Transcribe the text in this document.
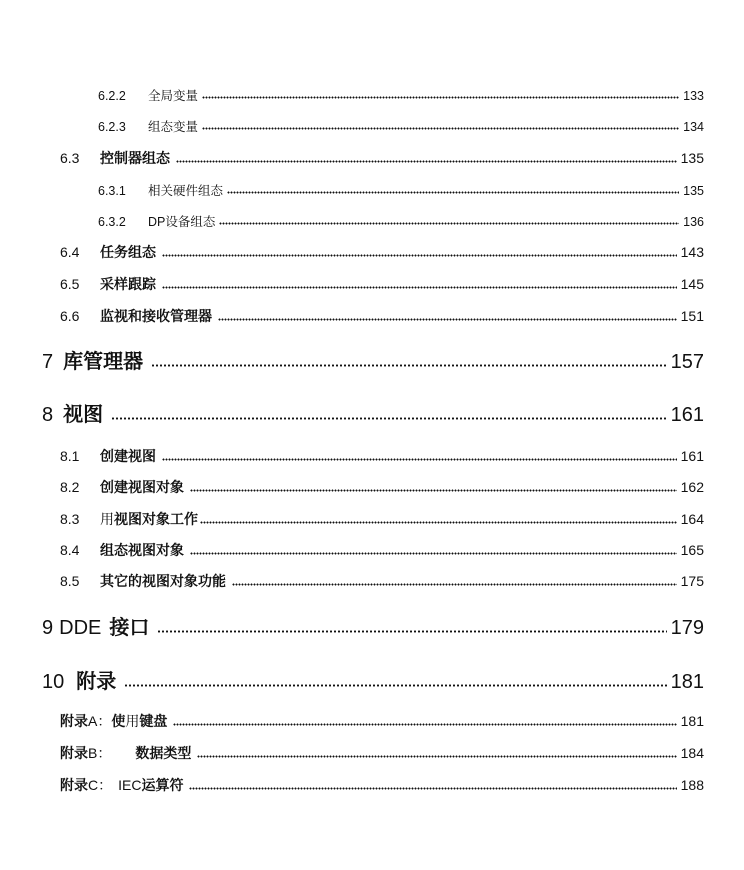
6.2.2	全局变量	133
6.2.3	组态变量	134
6.3	控制器组态	135
6.3.1	相关硬件组态	135
6.3.2	DP设备组态	136
6.4	任务组态	143
6.5	采样跟踪	145
6.6	监视和接收管理器	151
7 库管理器	157
8 视图	161
8.1	创建视图	161
8.2	创建视图对象	162
8.3	用 视图对象工作	164
8.4	组态视图对象	165
8.5	其它的视图对象功能	175
9 DDE 接口	179
10 附录	181
附录 A： 使 用 键盘	181
附录 B： 数据类型	184
附录 C： IEC 运算符	188
